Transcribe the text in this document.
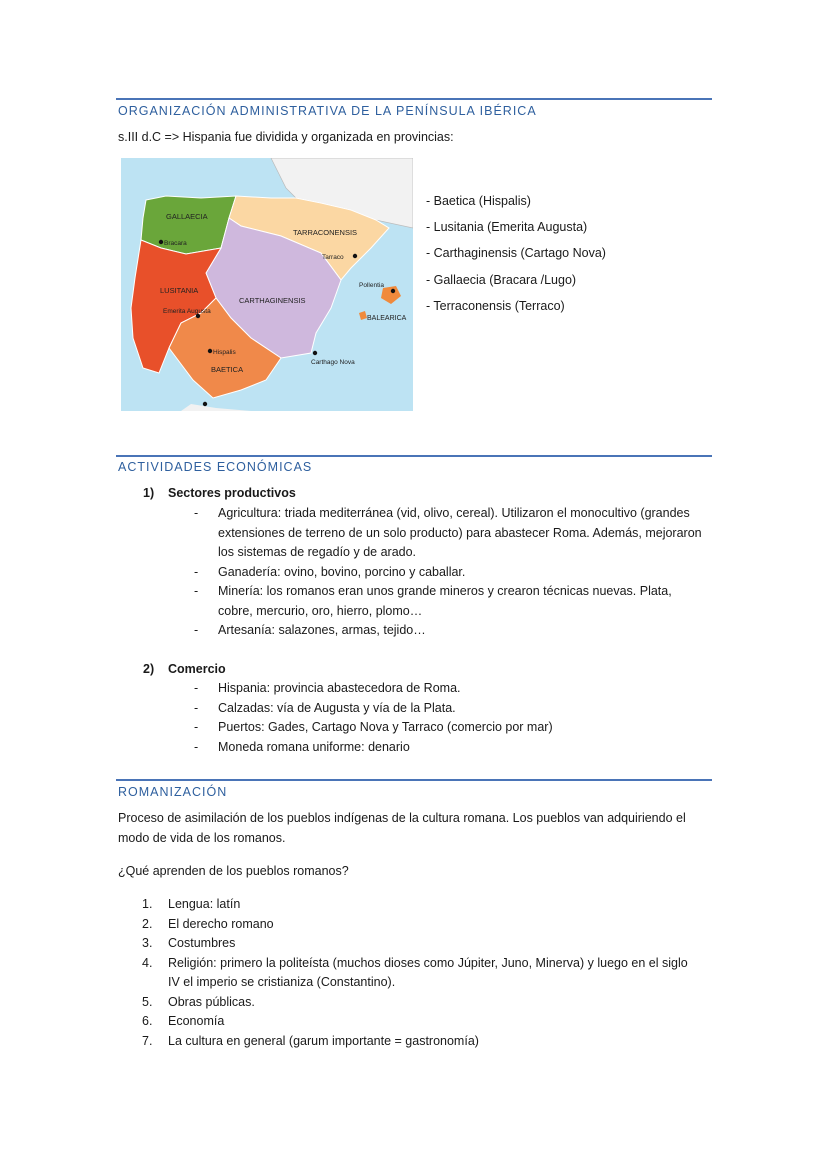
ORGANIZACIÓN ADMINISTRATIVA DE LA PENÍNSULA IBÉRICA
s.III d.C => Hispania fue dividida y organizada en provincias:
GALLAECIA
Bracara
TARRACONENSIS
Tarraco
LUSITANIA
Emerita Augusta
CARTHAGINENSIS
Pollentia
BALEARICA
Hispalis
BAETICA
Carthago Nova
- Baetica (Hispalis)
- Lusitania (Emerita Augusta)
- Carthaginensis (Cartago Nova)
- Gallaecia (Bracara /Lugo)
- Terraconensis (Terraco)
ACTIVIDADES ECONÓMICAS
1) Sectores productivos
- Agricultura: triada mediterránea (vid, olivo, cereal). Utilizaron el monocultivo (grandes
extensiones de terreno de un solo producto) para abastecer Roma. Además, mejoraron
los sistemas de regadío y de arado.
- Ganadería: ovino, bovino, porcino y caballar.
- Minería: los romanos eran unos grande mineros y crearon técnicas nuevas. Plata,
cobre, mercurio, oro, hierro, plomo…
- Artesanía: salazones, armas, tejido…
2) Comercio
- Hispania: provincia abastecedora de Roma.
- Calzadas: vía de Augusta y vía de la Plata.
- Puertos: Gades, Cartago Nova y Tarraco (comercio por mar)
- Moneda romana uniforme: denario
ROMANIZACIÓN
Proceso de asimilación de los pueblos indígenas de la cultura romana. Los pueblos van adquiriendo el
modo de vida de los romanos.
¿Qué aprenden de los pueblos romanos?
1.	Lengua: latín
2.	El derecho romano
3.	Costumbres
4.	Religión: primero la politeísta (muchos dioses como Júpiter, Juno, Minerva) y luego en el siglo
IV el imperio se cristianiza (Constantino).
5.	Obras públicas.
6.	Economía
7.	La cultura en general (garum importante = gastronomía)
